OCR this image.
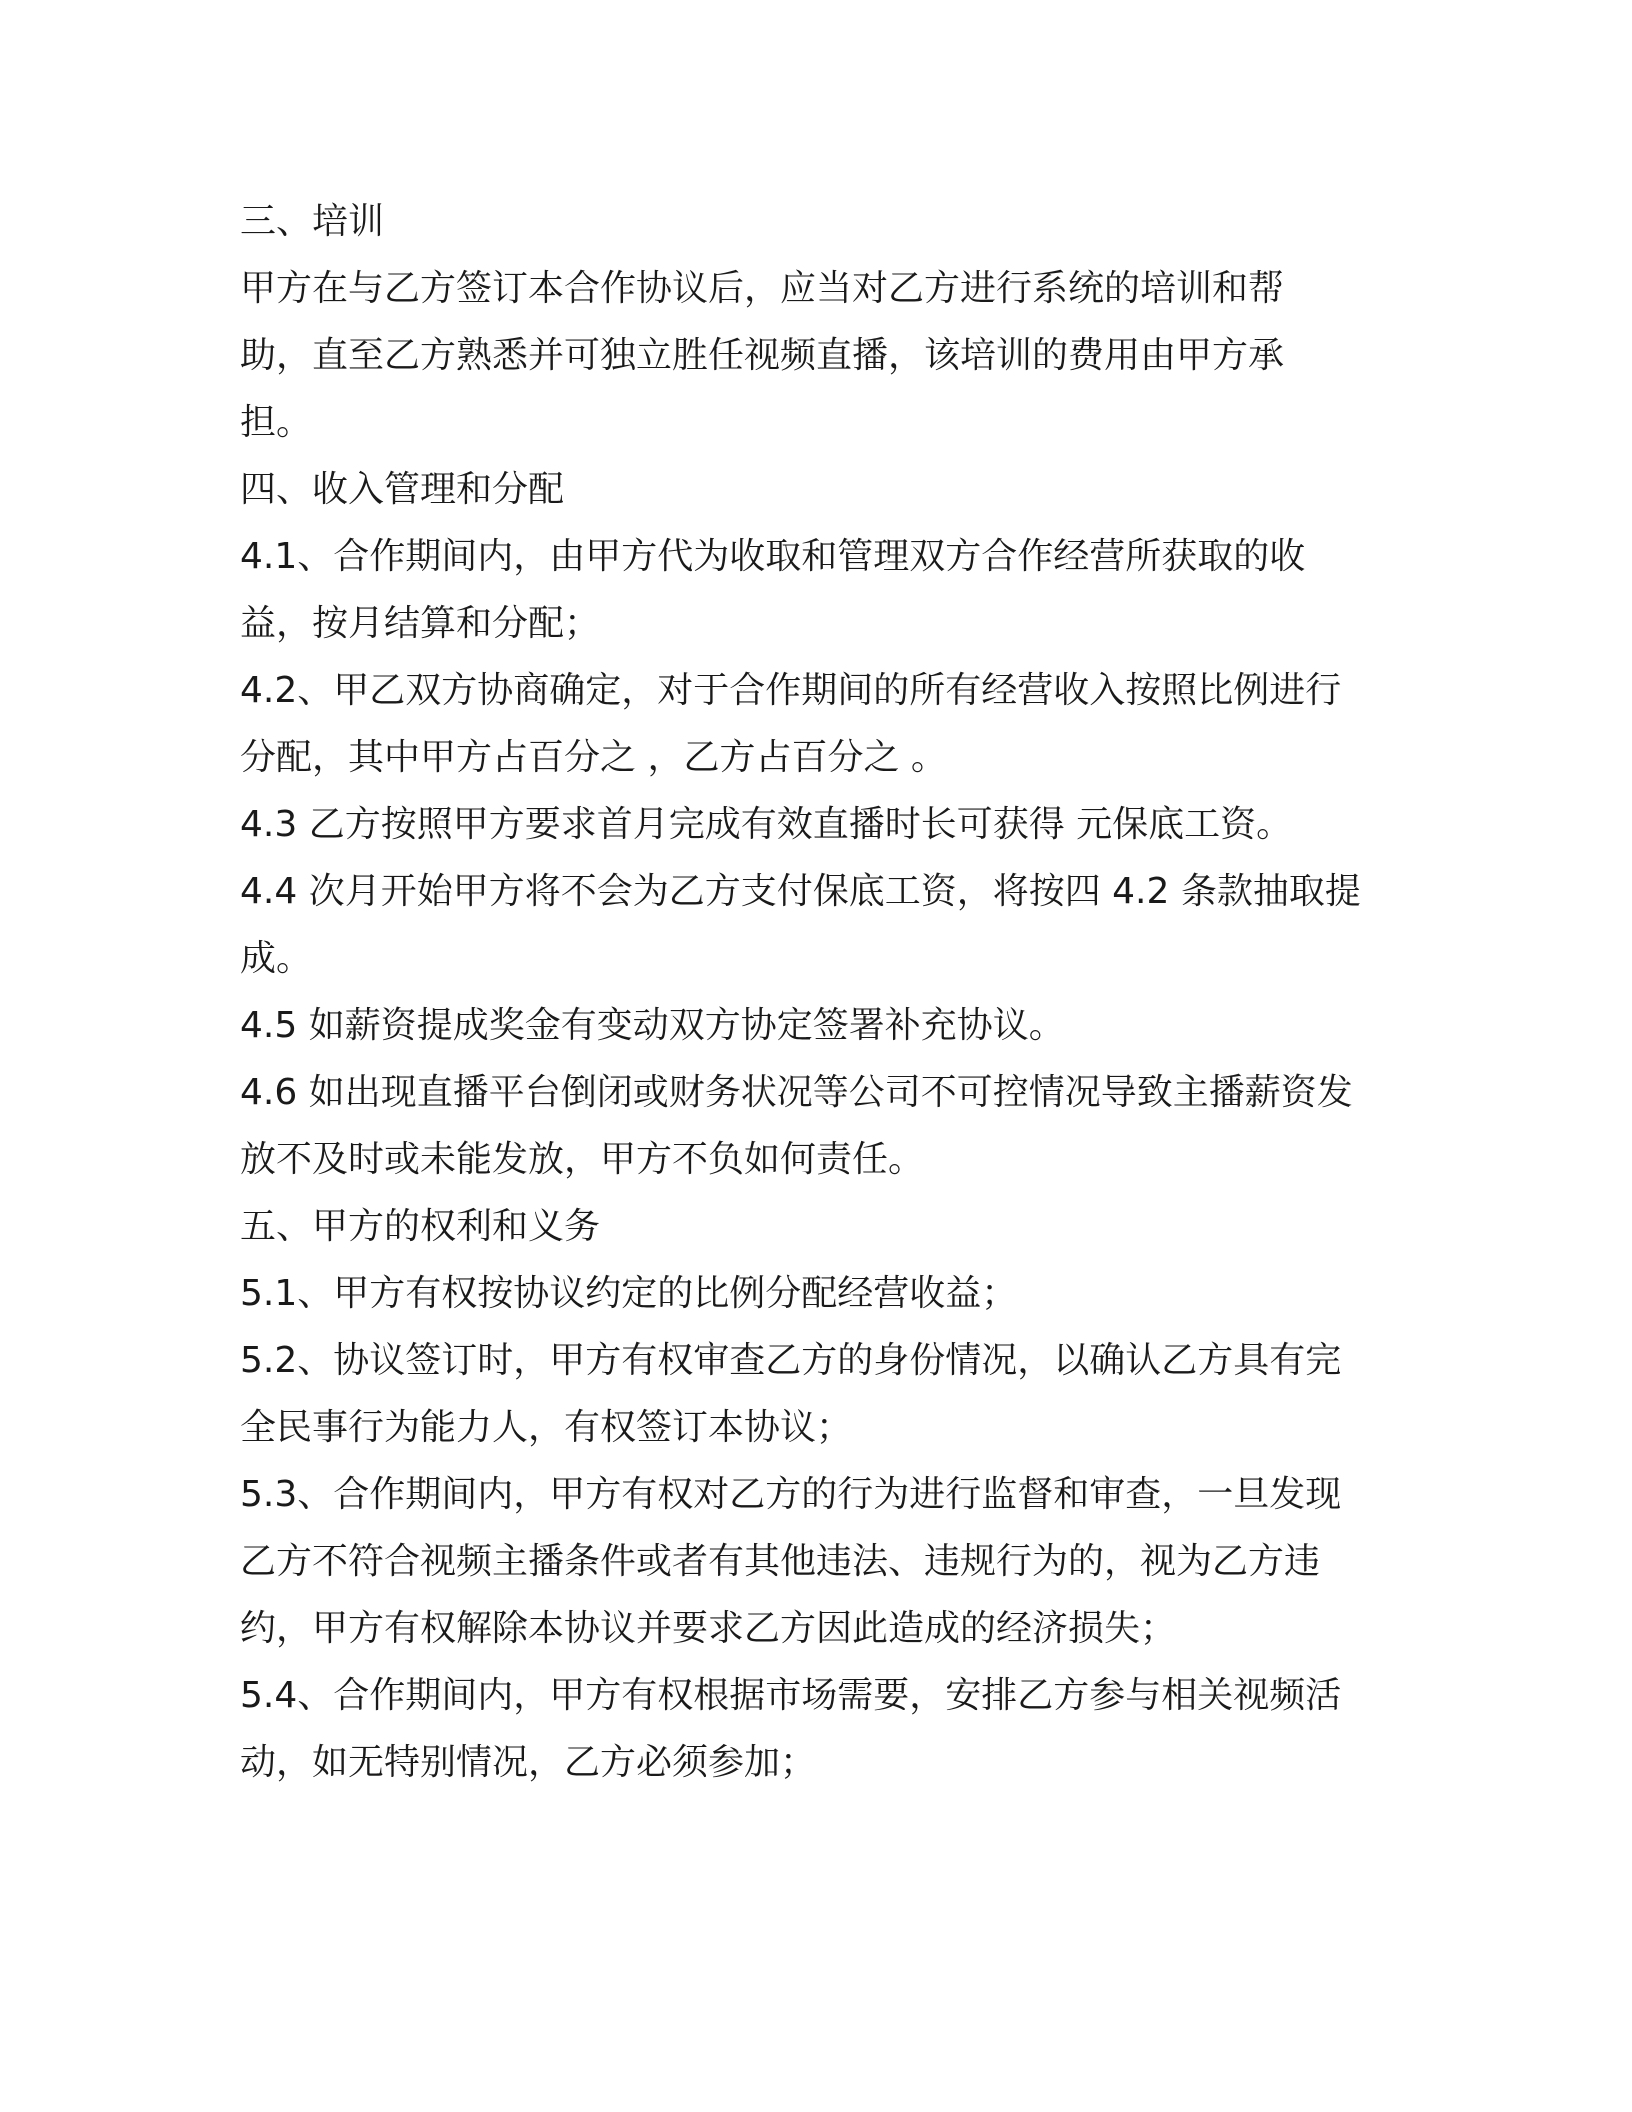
三、培训

甲方在与乙方签订本合作协议后，应当对乙方进行系统的培训和帮

助，直至乙方熟悉并可独立胜任视频直播，该培训的费用由甲方承

担。

四、收入管理和分配

4.1、合作期间内，由甲方代为收取和管理双方合作经营所获取的收

益，按月结算和分配；

4.2、甲乙双方协商确定，对于合作期间的所有经营收入按照比例进行

分配，其中甲方占百分之 ，乙方占百分之 。

4.3 乙方按照甲方要求首月完成有效直播时长可获得 元保底工资。

4.4 次月开始甲方将不会为乙方支付保底工资，将按四 4.2 条款抽取提

成。

4.5 如薪资提成奖金有变动双方协定签署补充协议。

4.6 如出现直播平台倒闭或财务状况等公司不可控情况导致主播薪资发

放不及时或未能发放，甲方不负如何责任。

五、甲方的权利和义务

5.1、甲方有权按协议约定的比例分配经营收益；

5.2、协议签订时，甲方有权审查乙方的身份情况，以确认乙方具有完

全民事行为能力人，有权签订本协议；

5.3、合作期间内，甲方有权对乙方的行为进行监督和审查，一旦发现

乙方不符合视频主播条件或者有其他违法、违规行为的，视为乙方违

约，甲方有权解除本协议并要求乙方因此造成的经济损失；

5.4、合作期间内，甲方有权根据市场需要，安排乙方参与相关视频活

动，如无特别情况，乙方必须参加；
